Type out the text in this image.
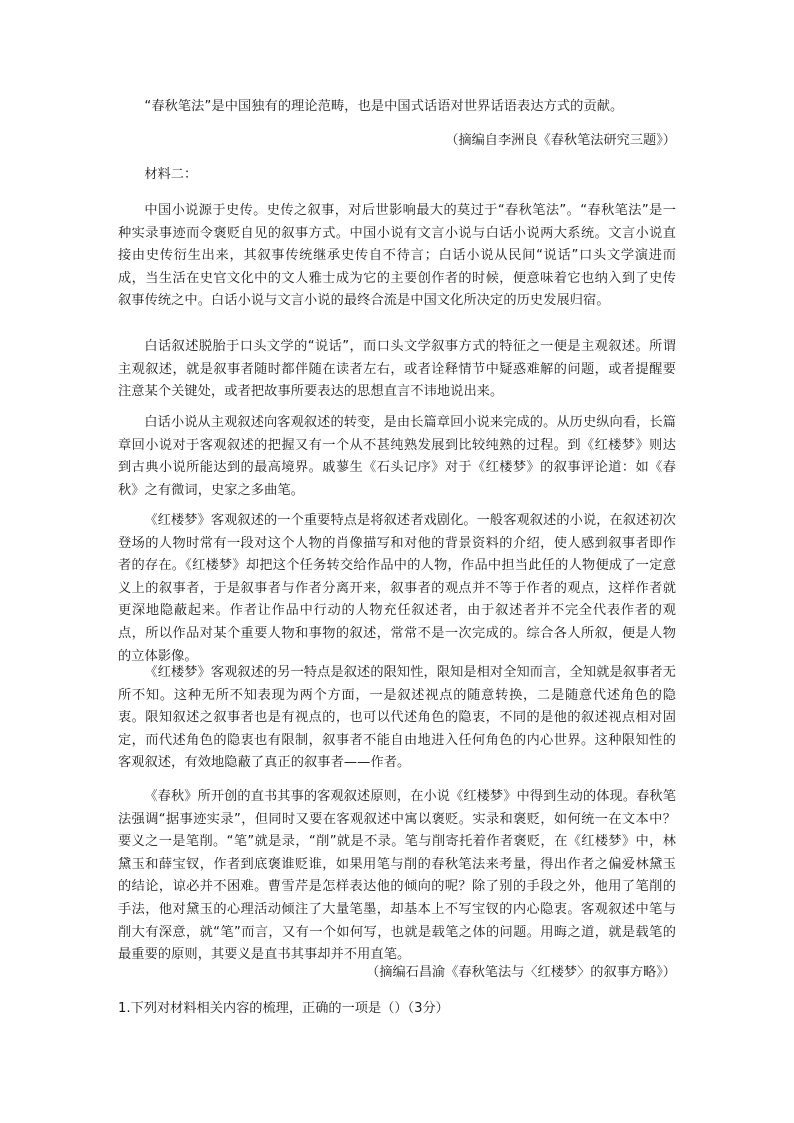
“春秋笔法”是中国独有的理论范畴，也是中国式话语对世界话语表达方式的贡献。

（摘编自李洲良《春秋笔法研究三题》）

材料二：

中国小说源于史传。史传之叙事，对后世影响最大的莫过于“春秋笔法”。“春秋笔法”是一种实录事迹而令褒贬自见的叙事方式。中国小说有文言小说与白话小说两大系统。文言小说直接由史传衍生出来，其叙事传统继承史传自不待言；白话小说从民间“说话”口头文学演进而成，当生活在史官文化中的文人雅士成为它的主要创作者的时候，便意味着它也纳入到了史传叙事传统之中。白话小说与文言小说的最终合流是中国文化所决定的历史发展归宿。

白话叙述脱胎于口头文学的“说话”，而口头文学叙事方式的特征之一便是主观叙述。所谓主观叙述，就是叙事者随时都伴随在读者左右，或者诠释情节中疑惑难解的问题，或者提醒要注意某个关键处，或者把故事所要表达的思想直言不讳地说出来。

白话小说从主观叙述向客观叙述的转变，是由长篇章回小说来完成的。从历史纵向看，长篇章回小说对于客观叙述的把握又有一个从不甚纯熟发展到比较纯熟的过程。到《红楼梦》则达到古典小说所能达到的最高境界。戚蓼生《石头记序》对于《红楼梦》的叙事评论道：如《春秋》之有微词，史家之多曲笔。

《红楼梦》客观叙述的一个重要特点是将叙述者戏剧化。一般客观叙述的小说，在叙述初次登场的人物时常有一段对这个人物的肖像描写和对他的背景资料的介绍，使人感到叙事者即作者的存在。《红楼梦》却把这个任务转交给作品中的人物，作品中担当此任的人物便成了一定意义上的叙事者，于是叙事者与作者分离开来，叙事者的观点并不等于作者的观点，这样作者就更深地隐蔽起来。作者让作品中行动的人物充任叙述者，由于叙述者并不完全代表作者的观点，所以作品对某个重要人物和事物的叙述，常常不是一次完成的。综合各人所叙，便是人物的立体影像。

《红楼梦》客观叙述的另一特点是叙述的限知性，限知是相对全知而言，全知就是叙事者无所不知。这种无所不知表现为两个方面，一是叙述视点的随意转换，二是随意代述角色的隐衷。限知叙述之叙事者也是有视点的，也可以代述角色的隐衷，不同的是他的叙述视点相对固定，而代述角色的隐衷也有限制，叙事者不能自由地进入任何角色的内心世界。这种限知性的客观叙述，有效地隐蔽了真正的叙事者——作者。

《春秋》所开创的直书其事的客观叙述原则，在小说《红楼梦》中得到生动的体现。春秋笔法强调“据事迹实录”，但同时又要在客观叙述中寓以褒贬。实录和褒贬，如何统一在文本中？要义之一是笔削。“笔”就是录，“削”就是不录。笔与削寄托着作者褒贬，在《红楼梦》中，林黛玉和薛宝钗，作者到底褒谁贬谁，如果用笔与削的春秋笔法来考量，得出作者之偏爱林黛玉的结论，谅必并不困难。曹雪芹是怎样表达他的倾向的呢？除了别的手段之外，他用了笔削的手法，他对黛玉的心理活动倾注了大量笔墨，却基本上不写宝钗的内心隐衷。客观叙述中笔与削大有深意，就“笔”而言，又有一个如何写，也就是载笔之体的问题。用晦之道，就是载笔的最重要的原则，其要义是直书其事却并不用直笔。

（摘编石昌渝《春秋笔法与〈红楼梦〉的叙事方略》）

1.下列对材料相关内容的梳理，正确的一项是（）（3分）
